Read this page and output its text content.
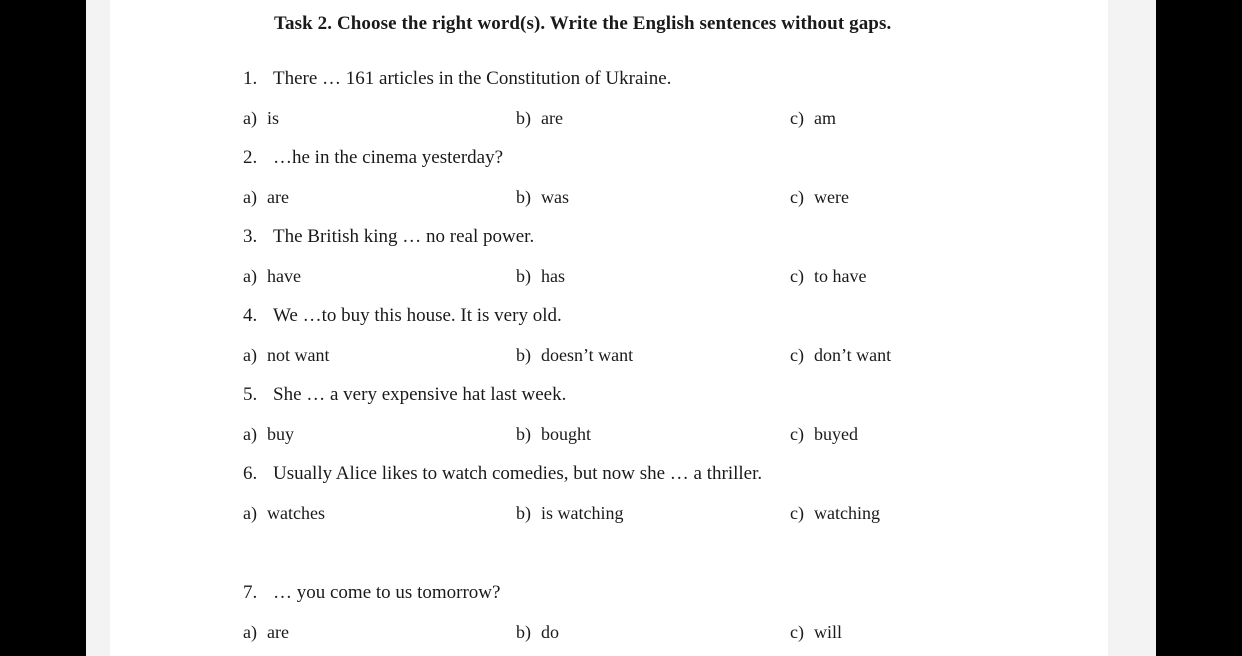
Task 2. Choose the right word(s). Write the English sentences without gaps.
1. There … 161 articles in the Constitution of Ukraine.
a) is	b) are	c) am
2. …he in the cinema yesterday?
a) are	b) was	c) were
3. The British king … no real power.
a) have	b) has	c) to have
4. We …to buy this house. It is very old.
a) not want	b) doesn’t want	c) don’t want
5. She … a very expensive hat last week.
a) buy	b) bought	c) buyed
6. Usually Alice likes to watch comedies, but now she … a thriller.
a) watches	b) is watching	c) watching
7. … you come to us tomorrow?
a) are	b) do	c) will
